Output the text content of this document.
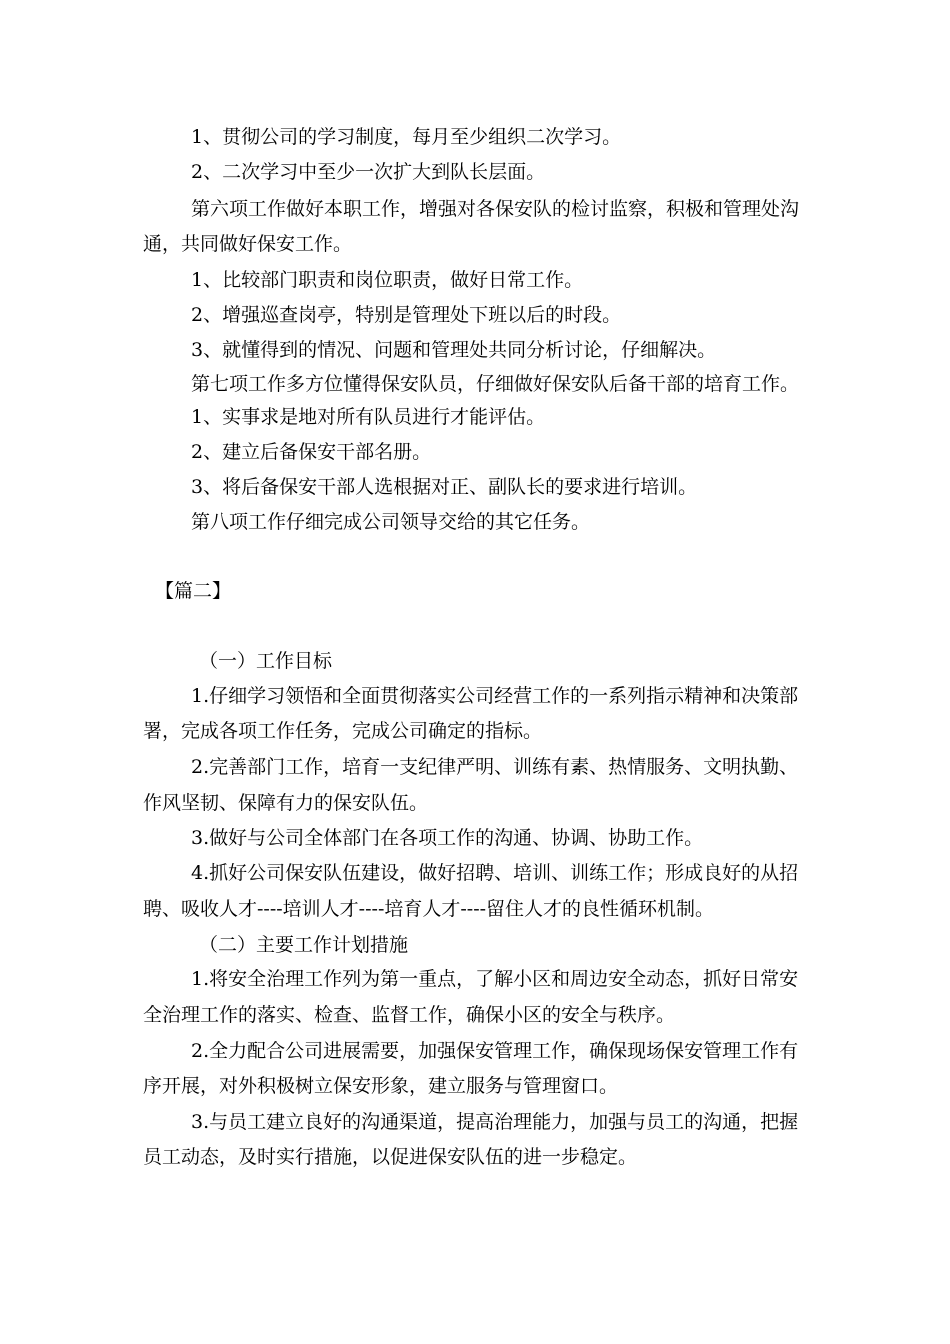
1、贯彻公司的学习制度，每月至少组织二次学习。
2、二次学习中至少一次扩大到队长层面。
第六项工作做好本职工作，增强对各保安队的检讨监察，积极和管理处沟
通，共同做好保安工作。
1、比较部门职责和岗位职责，做好日常工作。
2、增强巡查岗亭，特别是管理处下班以后的时段。
3、就懂得到的情况、问题和管理处共同分析讨论，仔细解决。
第七项工作多方位懂得保安队员，仔细做好保安队后备干部的培育工作。
1、实事求是地对所有队员进行才能评估。
2、建立后备保安干部名册。
3、将后备保安干部人选根据对正、副队长的要求进行培训。
第八项工作仔细完成公司领导交给的其它任务。
【篇二】
（一）工作目标
1.仔细学习领悟和全面贯彻落实公司经营工作的一系列指示精神和决策部
署，完成各项工作任务，完成公司确定的指标。
2.完善部门工作，培育一支纪律严明、训练有素、热情服务、文明执勤、
作风坚韧、保障有力的保安队伍。
3.做好与公司全体部门在各项工作的沟通、协调、协助工作。
4.抓好公司保安队伍建设，做好招聘、培训、训练工作；形成良好的从招
聘、吸收人才----培训人才----培育人才----留住人才的良性循环机制。
（二）主要工作计划措施
1.将安全治理工作列为第一重点，了解小区和周边安全动态，抓好日常安
全治理工作的落实、检查、监督工作，确保小区的安全与秩序。
2.全力配合公司进展需要，加强保安管理工作，确保现场保安管理工作有
序开展，对外积极树立保安形象，建立服务与管理窗口。
3.与员工建立良好的沟通渠道，提高治理能力，加强与员工的沟通，把握
员工动态，及时实行措施，以促进保安队伍的进一步稳定。
